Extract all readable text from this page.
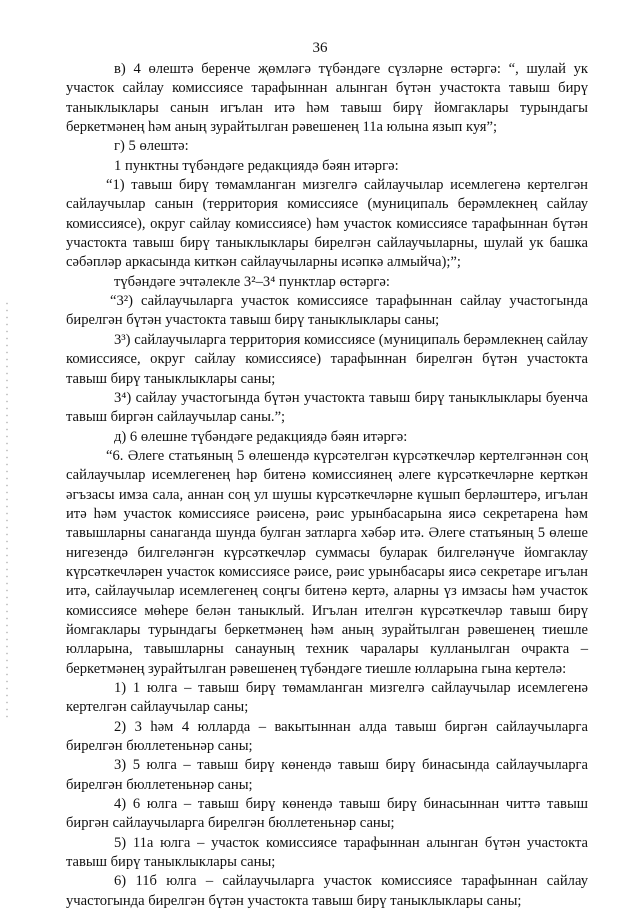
36

в) 4 өлештә беренче җөмләгә түбәндәге сүзләрне өстәргә: “, шулай ук участок сайлау комиссиясе тарафыннан алынган бүтән участокта тавыш бирү таныклыклары санын игълан итә һәм тавыш бирү йомгаклары турындагы беркетмәнең һәм аның зурайтылган рәвешенең 11а юлына язып куя”;

г) 5 өлештә:

1 пунктны түбәндәге редакциядә бәян итәргә:

“1) тавыш бирү төмамланган мизгелгә сайлаучылар исемлегенә кертелгән сайлаучылар санын (территория комиссиясе (муниципаль берәмлекнең сайлау комиссиясе), округ сайлау комиссиясе) һәм участок комиссиясе тарафыннан бүтән участокта тавыш бирү таныклыклары бирелгән сайлаучыларны, шулай ук башка сәбәпләр аркасында киткән сайлаучыларны исәпкә алмыйча);”;

түбәндәге эчтәлекле 3²–3⁴ пунктлар өстәргә:

“3²) сайлаучыларга участок комиссиясе тарафыннан сайлау участогында бирелгән бүтән участокта тавыш бирү таныклыклары саны;

3³) сайлаучыларга территория комиссиясе (муниципаль берәмлекнең сайлау комиссиясе, округ сайлау комиссиясе) тарафыннан бирелгән бүтән участокта тавыш бирү таныклыклары саны;

3⁴) сайлау участогында бүтән участокта тавыш бирү таныклыклары буенча тавыш биргән сайлаучылар саны.”;

д) 6 өлешне түбәндәге редакциядә бәян итәргә:

“6. Әлеге статьяның 5 өлешендә күрсәтелгән күрсәткечләр кертелгәннән соң сайлаучылар исемлегенең һәр битенә комиссиянең әлеге күрсәткечләрне керткән әгъзасы имза сала, аннан соң ул шушы күрсәткечләрне күшып берләштерә, игълан итә һәм участок комиссиясе рәисенә, рәис урынбасарына яисә секретарена һәм тавышларны санаганда шунда булган затларга хәбәр итә. Әлеге статьяның 5 өлеше нигезендә билгеләнгән күрсәткечләр суммасы буларак билгеләнүче йомгаклау күрсәткечләрен участок комиссиясе рәисе, рәис урынбасары яисә секретаре игълан итә, сайлаучылар исемлегенең соңгы битенә кертә, аларны үз имзасы һәм участок комиссиясе мөһере белән таныклый. Игълан ителгән күрсәткечләр тавыш бирү йомгаклары турындагы беркетмәнең һәм аның зурайтылган рәвешенең тиешле юлларына, тавышларны санауның техник чаралары кулланылган очракта – беркетмәнең зурайтылган рәвешенең түбәндәге тиешле юлларына гына кертелә:

1) 1 юлга – тавыш бирү төмамланган мизгелгә сайлаучылар исемлегенә кертелгән сайлаучылар саны;

2) 3 һәм 4 юлларда – вакытыннан алда тавыш биргән сайлаучыларга бирелгән бюллетеньнәр саны;

3) 5 юлга – тавыш бирү көнендә тавыш бирү бинасында сайлаучыларга бирелгән бюллетеньнәр саны;

4) 6 юлга – тавыш бирү көнендә тавыш бирү бинасыннан читтә тавыш биргән сайлаучыларга бирелгән бюллетеньнәр саны;

5) 11а юлга – участок комиссиясе тарафыннан алынган бүтән участокта тавыш бирү таныклыклары саны;

6) 11б юлга – сайлаучыларга участок комиссиясе тарафыннан сайлау участогында бирелгән бүтән участокта тавыш бирү таныклыклары саны;
